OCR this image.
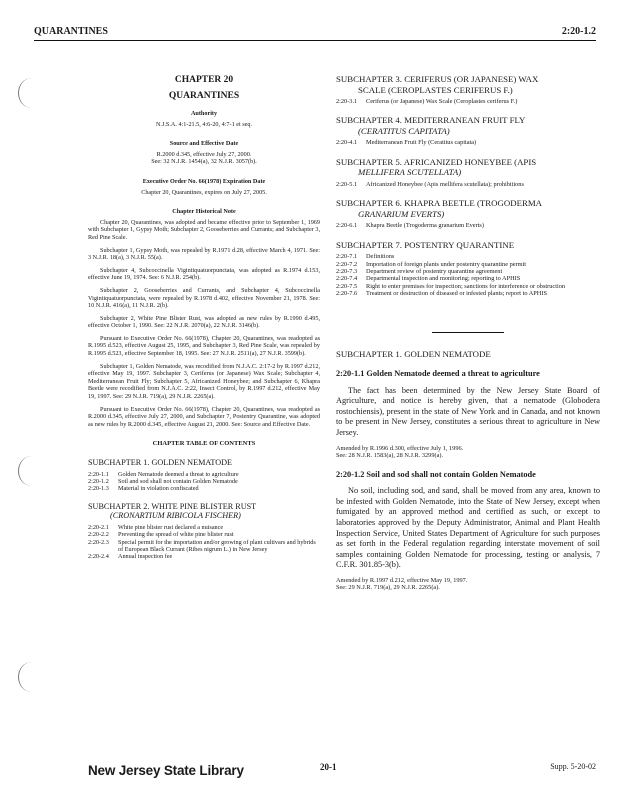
QUARANTINES	2:20-1.2
CHAPTER 20
QUARANTINES
Authority
N.J.S.A. 4:1-21.5, 4:6-20, 4:7-1 et seq.
Source and Effective Date
R.2000 d.345, effective July 27, 2000.
See: 32 N.J.R. 1454(a), 32 N.J.R. 3057(b).
Executive Order No. 66(1978) Expiration Date
Chapter 20, Quarantines, expires on July 27, 2005.
Chapter Historical Note

Chapter 20, Quarantines, was adopted and became effective prior to September 1, 1969 with Subchapter 1, Gypsy Moth; Subchapter 2, Gooseberries and Currants; and Subchapter 3, Red Pine Scale.

Subchapter 1, Gypsy Moth, was repealed by R.1971 d.28, effective March 4, 1971. See: 3 N.J.R. 18(a), 3 N.J.R. 55(a).

Subchapter 4, Subcoccinella Vigintiquatuorpunctata, was adopted as R.1974 d.153, effective June 19, 1974. See: 6 N.J.R. 254(b).

Subchapter 2, Gooseberries and Currants, and Subchapter 4, Subcoccinella Vigintiquatuorpunctata, were repealed by R.1978 d.402, effective November 21, 1978. See: 10 N.J.R. 416(a), 11 N.J.R. 2(b).

Subchapter 2, White Pine Blister Rust, was adopted as new rules by R.1990 d.495, effective October 1, 1990. See: 22 N.J.R. 2070(a), 22 N.J.R. 3146(b).

Pursuant to Executive Order No. 66(1978), Chapter 20, Quarantines, was readopted as R.1995 d.523, effective August 25, 1995, and Subchapter 3, Red Pine Scale, was repealed by R.1995 d.523, effective September 18, 1995. See: 27 N.J.R. 2511(a), 27 N.J.R. 3599(b).

Subchapter 1, Golden Nematode, was recodified from N.J.A.C. 2:17-2 by R.1997 d.212, effective May 19, 1997. Subchapter 3, Ceriferus (or Japanese) Wax Scale; Subchapter 4, Mediterranean Fruit Fly; Subchapter 5, Africanized Honeybee; and Subchapter 6, Khapra Beetle were recodified from N.J.A.C. 2:22, Insect Control, by R.1997 d.212, effective May 19, 1997. See: 29 N.J.R. 719(a), 29 N.J.R. 2265(a).

Pursuant to Executive Order No. 66(1978), Chapter 20, Quarantines, was readopted as R.2000 d.345, effective July 27, 2000, and Subchapter 7, Postentry Quarantine, was adopted as new rules by R.2000 d.345, effective August 21, 2000. See: Source and Effective Date.

CHAPTER TABLE OF CONTENTS
SUBCHAPTER 1. GOLDEN NEMATODE
2:20-1.1	Golden Nematode deemed a threat to agriculture
2:20-1.2	Soil and sod shall not contain Golden Nematode
2:20-1.3	Material in violation confiscated
SUBCHAPTER 2. WHITE PINE BLISTER RUST
(CRONARTIUM RIBICOLA FISCHER)
2:20-2.1	White pine blister rust declared a nuisance
2:20-2.2	Preventing the spread of white pine blister rust
2:20-2.3	Special permit for the importation and/or growing of plant cultivars and hybrids of European Black Currant (Ribes nigrum L.) in New Jersey
2:20-2.4	Annual inspection fee
SUBCHAPTER 3. CERIFERUS (OR JAPANESE) WAX
SCALE (CEROPLASTES CERIFERUS F.)
2:20-3.1	Ceriferus (or Japanese) Wax Scale (Ceroplastes ceriferus F.)
SUBCHAPTER 4. MEDITERRANEAN FRUIT FLY
(CERATITUS CAPITATA)
2:20-4.1	Mediterranean Fruit Fly (Ceratitus capitata)
SUBCHAPTER 5. AFRICANIZED HONEYBEE (APIS
MELLIFERA SCUTELLATA)
2:20-5.1	Africanized Honeybee (Apis mellifera scutellata); prohibitions
SUBCHAPTER 6. KHAPRA BEETLE (TROGODERMA
GRANARIUM EVERTS)
2:20-6.1	Khapra Beetle (Trogoderma granarium Everts)
SUBCHAPTER 7. POSTENTRY QUARANTINE
2:20-7.1	Definitions
2:20-7.2	Importation of foreign plants under postentry quarantine permit
2:20-7.3	Department review of postentry quarantine agreement
2:20-7.4	Departmental inspection and monitoring; reporting to APHIS
2:20-7.5	Right to enter premises for inspection; sanctions for interference or obstruction
2:20-7.6	Treatment or destruction of diseased or infested plants; report to APHIS
SUBCHAPTER 1. GOLDEN NEMATODE
2:20-1.1 Golden Nematode deemed a threat to agriculture

The fact has been determined by the New Jersey State Board of Agriculture, and notice is hereby given, that a nematode (Globodera rostochiensis), present in the state of New York and in Canada, and not known to be present in New Jersey, constitutes a serious threat to agriculture in New Jersey.

Amended by R.1996 d.300, effective July 1, 1996.
See: 28 N.J.R. 1583(a), 28 N.J.R. 3299(a).
2:20-1.2 Soil and sod shall not contain Golden Nematode

No soil, including sod, and sand, shall be moved from any area, known to be infested with Golden Nematode, into the State of New Jersey, except when fumigated by an approved method and certified as such, or except to laboratories approved by the Deputy Administrator, Animal and Plant Health Inspection Service, United States Department of Agriculture for such purposes as set forth in the Federal regulation regarding interstate movement of soil samples containing Golden Nematode for processing, testing or analysis, 7 C.F.R. 301.85-3(b).

Amended by R.1997 d.212, effective May 19, 1997.
See: 29 N.J.R. 719(a), 29 N.J.R. 2265(a).
New Jersey State Library	20-1	Supp. 5-20-02
